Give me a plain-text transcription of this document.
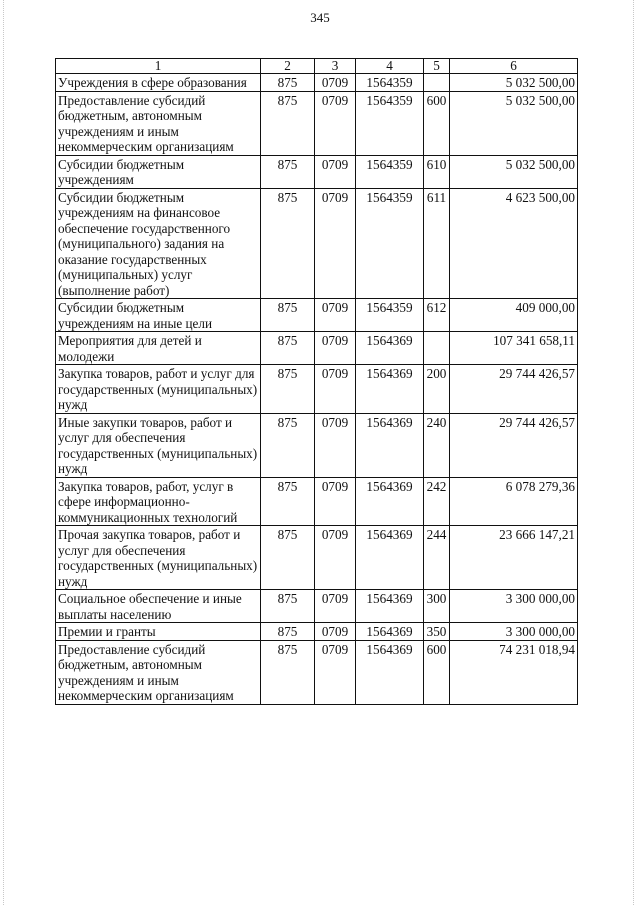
345
1	2	3	4	5	6
Учреждения в сфере образования	875	0709	1564359		5 032 500,00
Предоставление субсидий бюджетным, автономным учреждениям и иным некоммерческим организациям	875	0709	1564359	600	5 032 500,00
Субсидии бюджетным учреждениям	875	0709	1564359	610	5 032 500,00
Субсидии бюджетным учреждениям на финансовое обеспечение государственного (муниципального) задания на оказание государственных (муниципальных) услуг (выполнение работ)	875	0709	1564359	611	4 623 500,00
Субсидии бюджетным учреждениям на иные цели	875	0709	1564359	612	409 000,00
Мероприятия для детей и молодежи	875	0709	1564369		107 341 658,11
Закупка товаров, работ и услуг для государственных (муниципальных) нужд	875	0709	1564369	200	29 744 426,57
Иные закупки товаров, работ и услуг для обеспечения государственных (муниципальных) нужд	875	0709	1564369	240	29 744 426,57
Закупка товаров, работ, услуг в сфере информационно-коммуникационных технологий	875	0709	1564369	242	6 078 279,36
Прочая закупка товаров, работ и услуг для обеспечения государственных (муниципальных) нужд	875	0709	1564369	244	23 666 147,21
Социальное обеспечение и иные выплаты населению	875	0709	1564369	300	3 300 000,00
Премии и гранты	875	0709	1564369	350	3 300 000,00
Предоставление субсидий бюджетным, автономным учреждениям и иным некоммерческим организациям	875	0709	1564369	600	74 231 018,94
